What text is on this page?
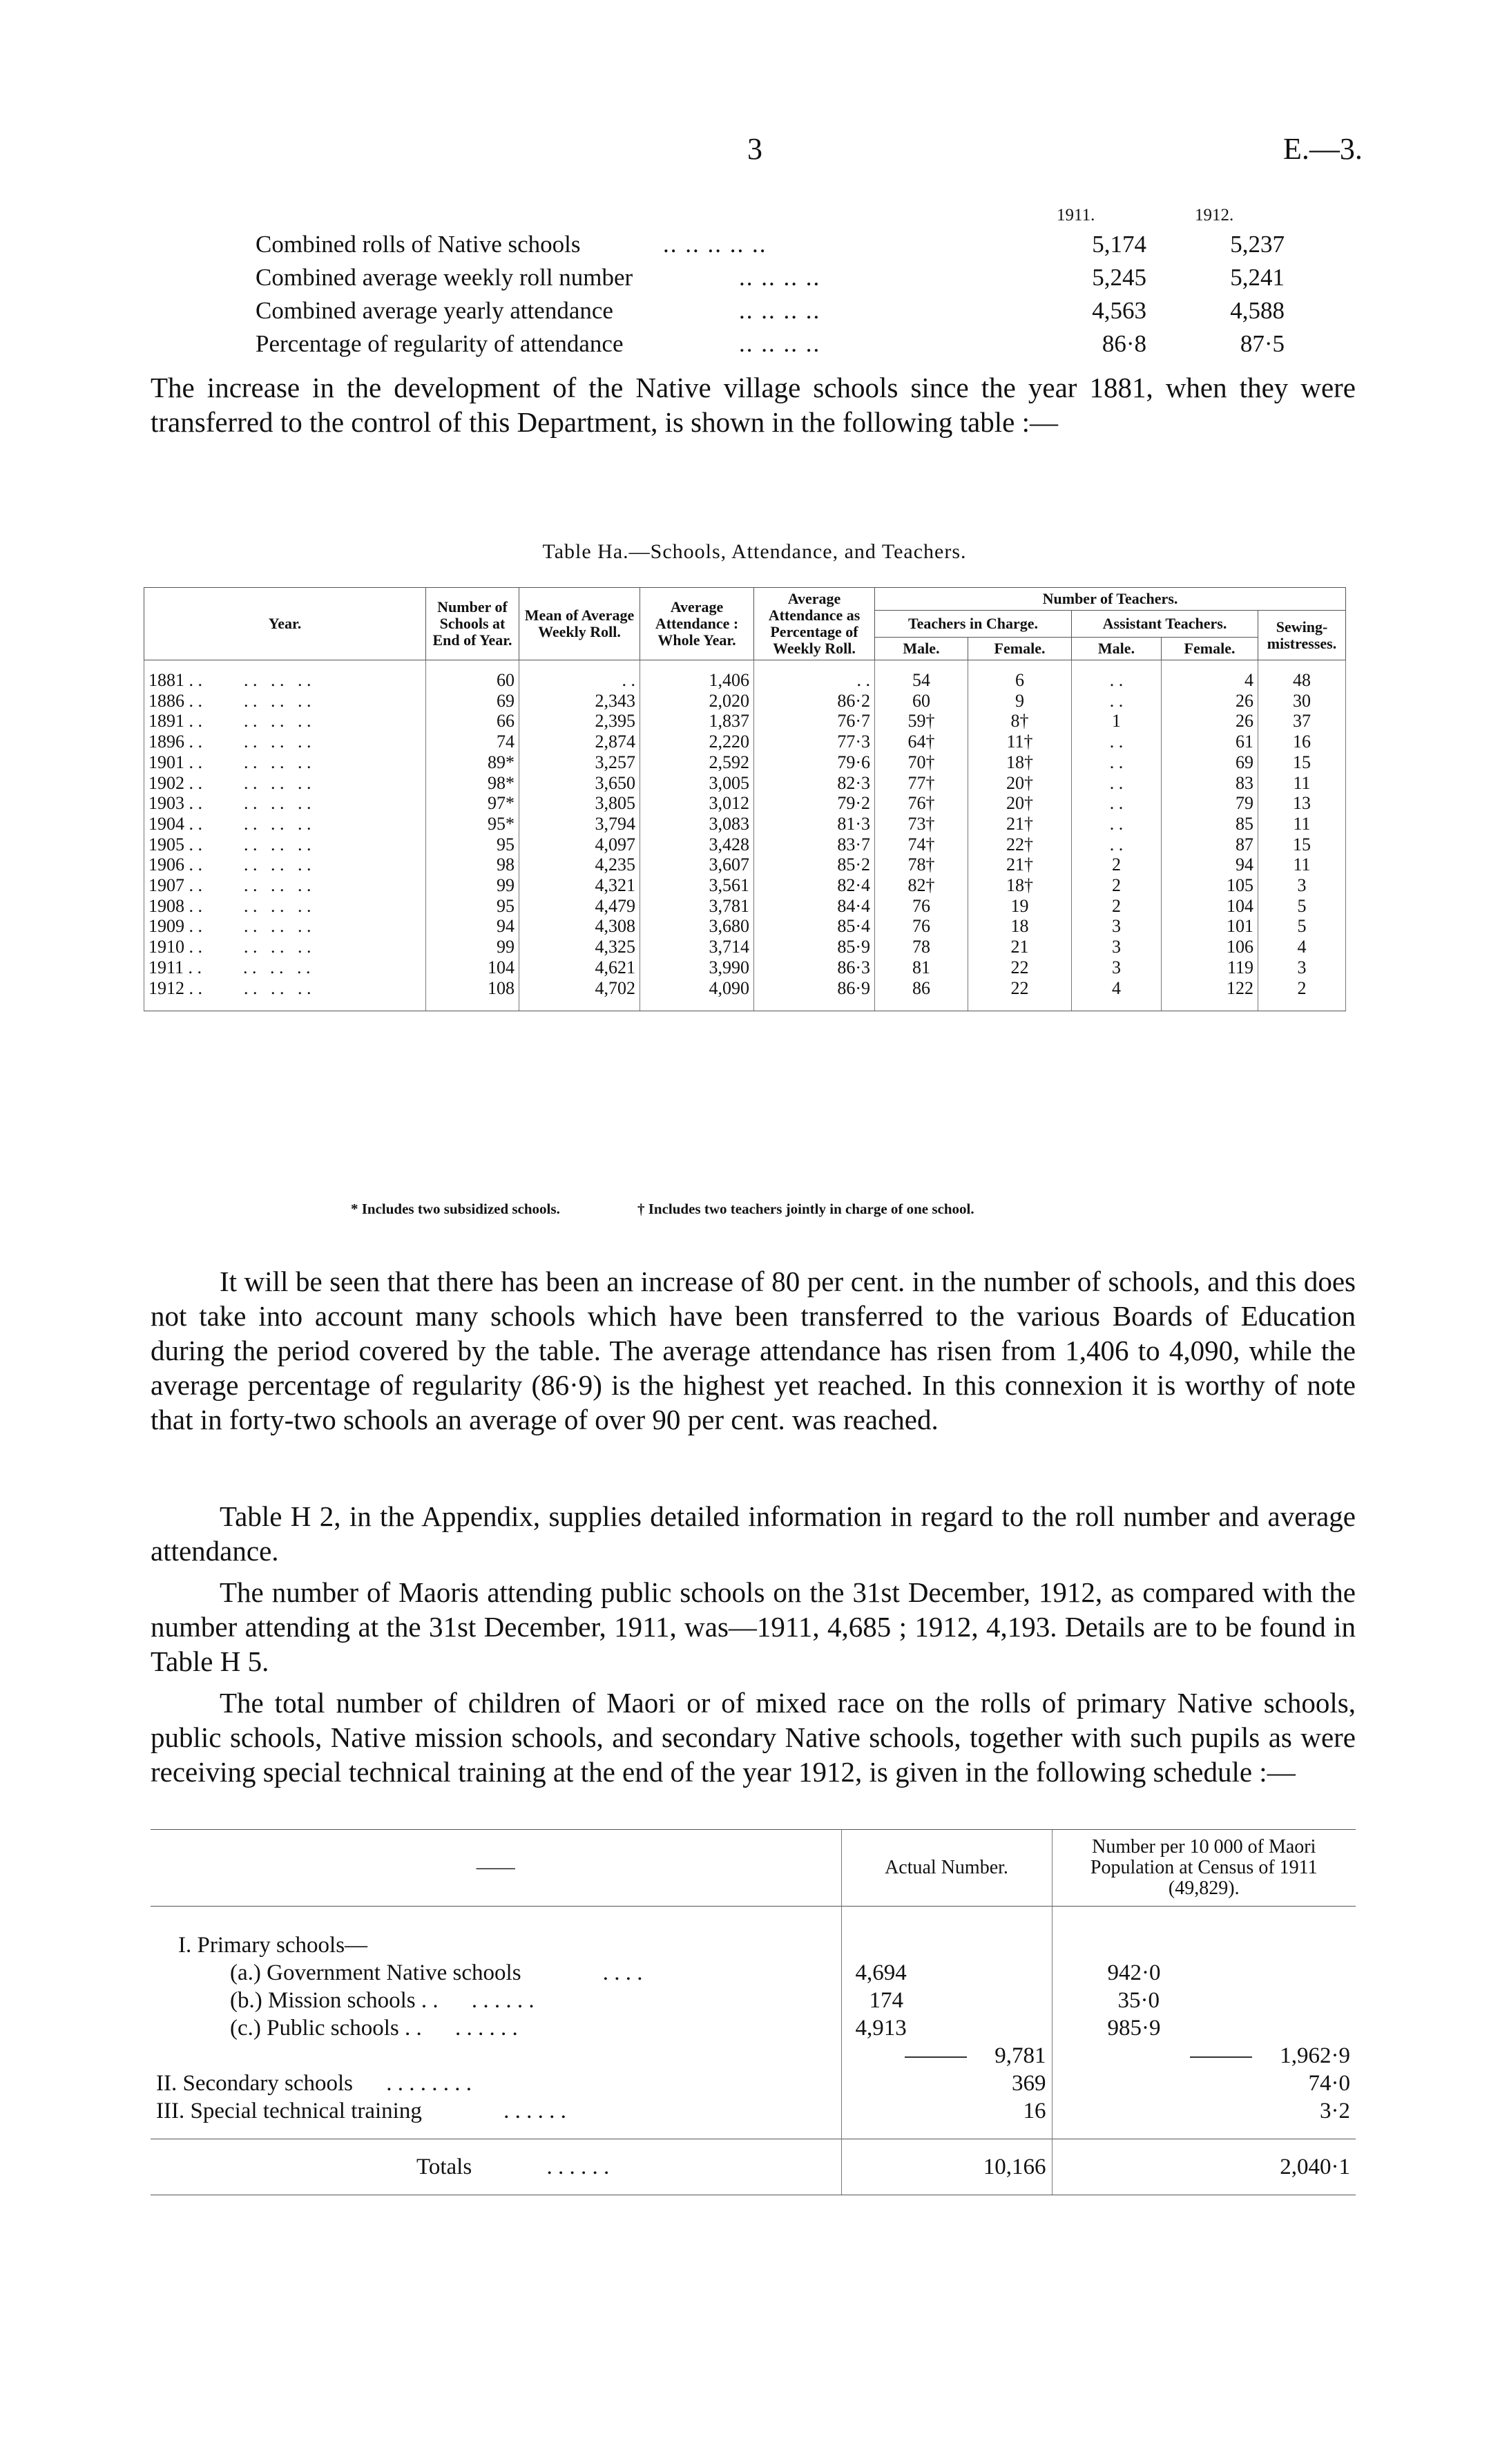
3	E.—3.
1911.	1912.
Combined rolls of Native schools	.. .. .. .. ..	5,174	5,237
Combined average weekly roll number	.. .. .. ..	5,245	5,241
Combined average yearly attendance	.. .. .. ..	4,563	4,588
Percentage of regularity of attendance	.. .. .. ..	86·8	87·5

The increase in the development of the Native village schools since the year 1881, when they were transferred to the control of this Department, is shown in the following table :—

Table Ha.—Schools, Attendance, and Teachers.
Year.	Number of Schools at End of Year.	Mean of Average Weekly Roll.	Average Attendance : Whole Year.	Average Attendance as Percentage of Weekly Roll.	Number of Teachers.				
					Teachers in Charge.		Assistant Teachers.		Sewing-mistresses.
					Male.	Female.	Male.	Female.	
1881 . . . .   . .   . .	60	. .	1,406	. .	54	6	. .	4	48
1886 . . . .   . .   . .	69	2,343	2,020	86·2	60	9	. .	26	30
1891 . . . .   . .   . .	66	2,395	1,837	76·7	59†	8†	1	26	37
1896 . . . .   . .   . .	74	2,874	2,220	77·3	64†	11†	. .	61	16
1901 . . . .   . .   . .	89*	3,257	2,592	79·6	70†	18†	. .	69	15
1902 . . . .   . .   . .	98*	3,650	3,005	82·3	77†	20†	. .	83	11
1903 . . . .   . .   . .	97*	3,805	3,012	79·2	76†	20†	. .	79	13
1904 . . . .   . .   . .	95*	3,794	3,083	81·3	73†	21†	. .	85	11
1905 . . . .   . .   . .	95	4,097	3,428	83·7	74†	22†	. .	87	15
1906 . . . .   . .   . .	98	4,235	3,607	85·2	78†	21†	2	94	11
1907 . . . .   . .   . .	99	4,321	3,561	82·4	82†	18†	2	105	3
1908 . . . .   . .   . .	95	4,479	3,781	84·4	76	19	2	104	5
1909 . . . .   . .   . .	94	4,308	3,680	85·4	76	18	3	101	5
1910 . . . .   . .   . .	99	4,325	3,714	85·9	78	21	3	106	4
1911 . . . .   . .   . .	104	4,621	3,990	86·3	81	22	3	119	3
1912 . . . .   . .   . .	108	4,702	4,090	86·9	86	22	4	122	2
* Includes two subsidized schools.	† Includes two teachers jointly in charge of one school.

It will be seen that there has been an increase of 80 per cent. in the number of schools, and this does not take into account many schools which have been transferred to the various Boards of Education during the period covered by the table. The average attendance has risen from 1,406 to 4,090, while the average percentage of regularity (86·9) is the highest yet reached. In this connexion it is worthy of note that in forty-two schools an average of over 90 per cent. was reached.

Table H 2, in the Appendix, supplies detailed information in regard to the roll number and average attendance.

The number of Maoris attending public schools on the 31st December, 1912, as compared with the number attending at the 31st December, 1911, was—1911, 4,685 ; 1912, 4,193. Details are to be found in Table H 5.

The total number of children of Maori or of mixed race on the rolls of primary Native schools, public schools, Native mission schools, and secondary Native schools, together with such pupils as were receiving special technical training at the end of the year 1912, is given in the following schedule :—

——	Actual Number.	Number per 10 000 of Maori Population at Census of 1911 (49,829).
I. Primary schools—		
(a.) Government Native schools . . . .	4,694	942·0
(b.) Mission schools . . . . . . . .	174	35·0
(c.) Public schools . . . . . . . .	4,913	985·9
	9,781	1,962·9
II. Secondary schools . . . . . . . .	369	74·0
III. Special technical training . . . . . .	16	3·2

Totals . . . . . .	10,166	2,040·1
